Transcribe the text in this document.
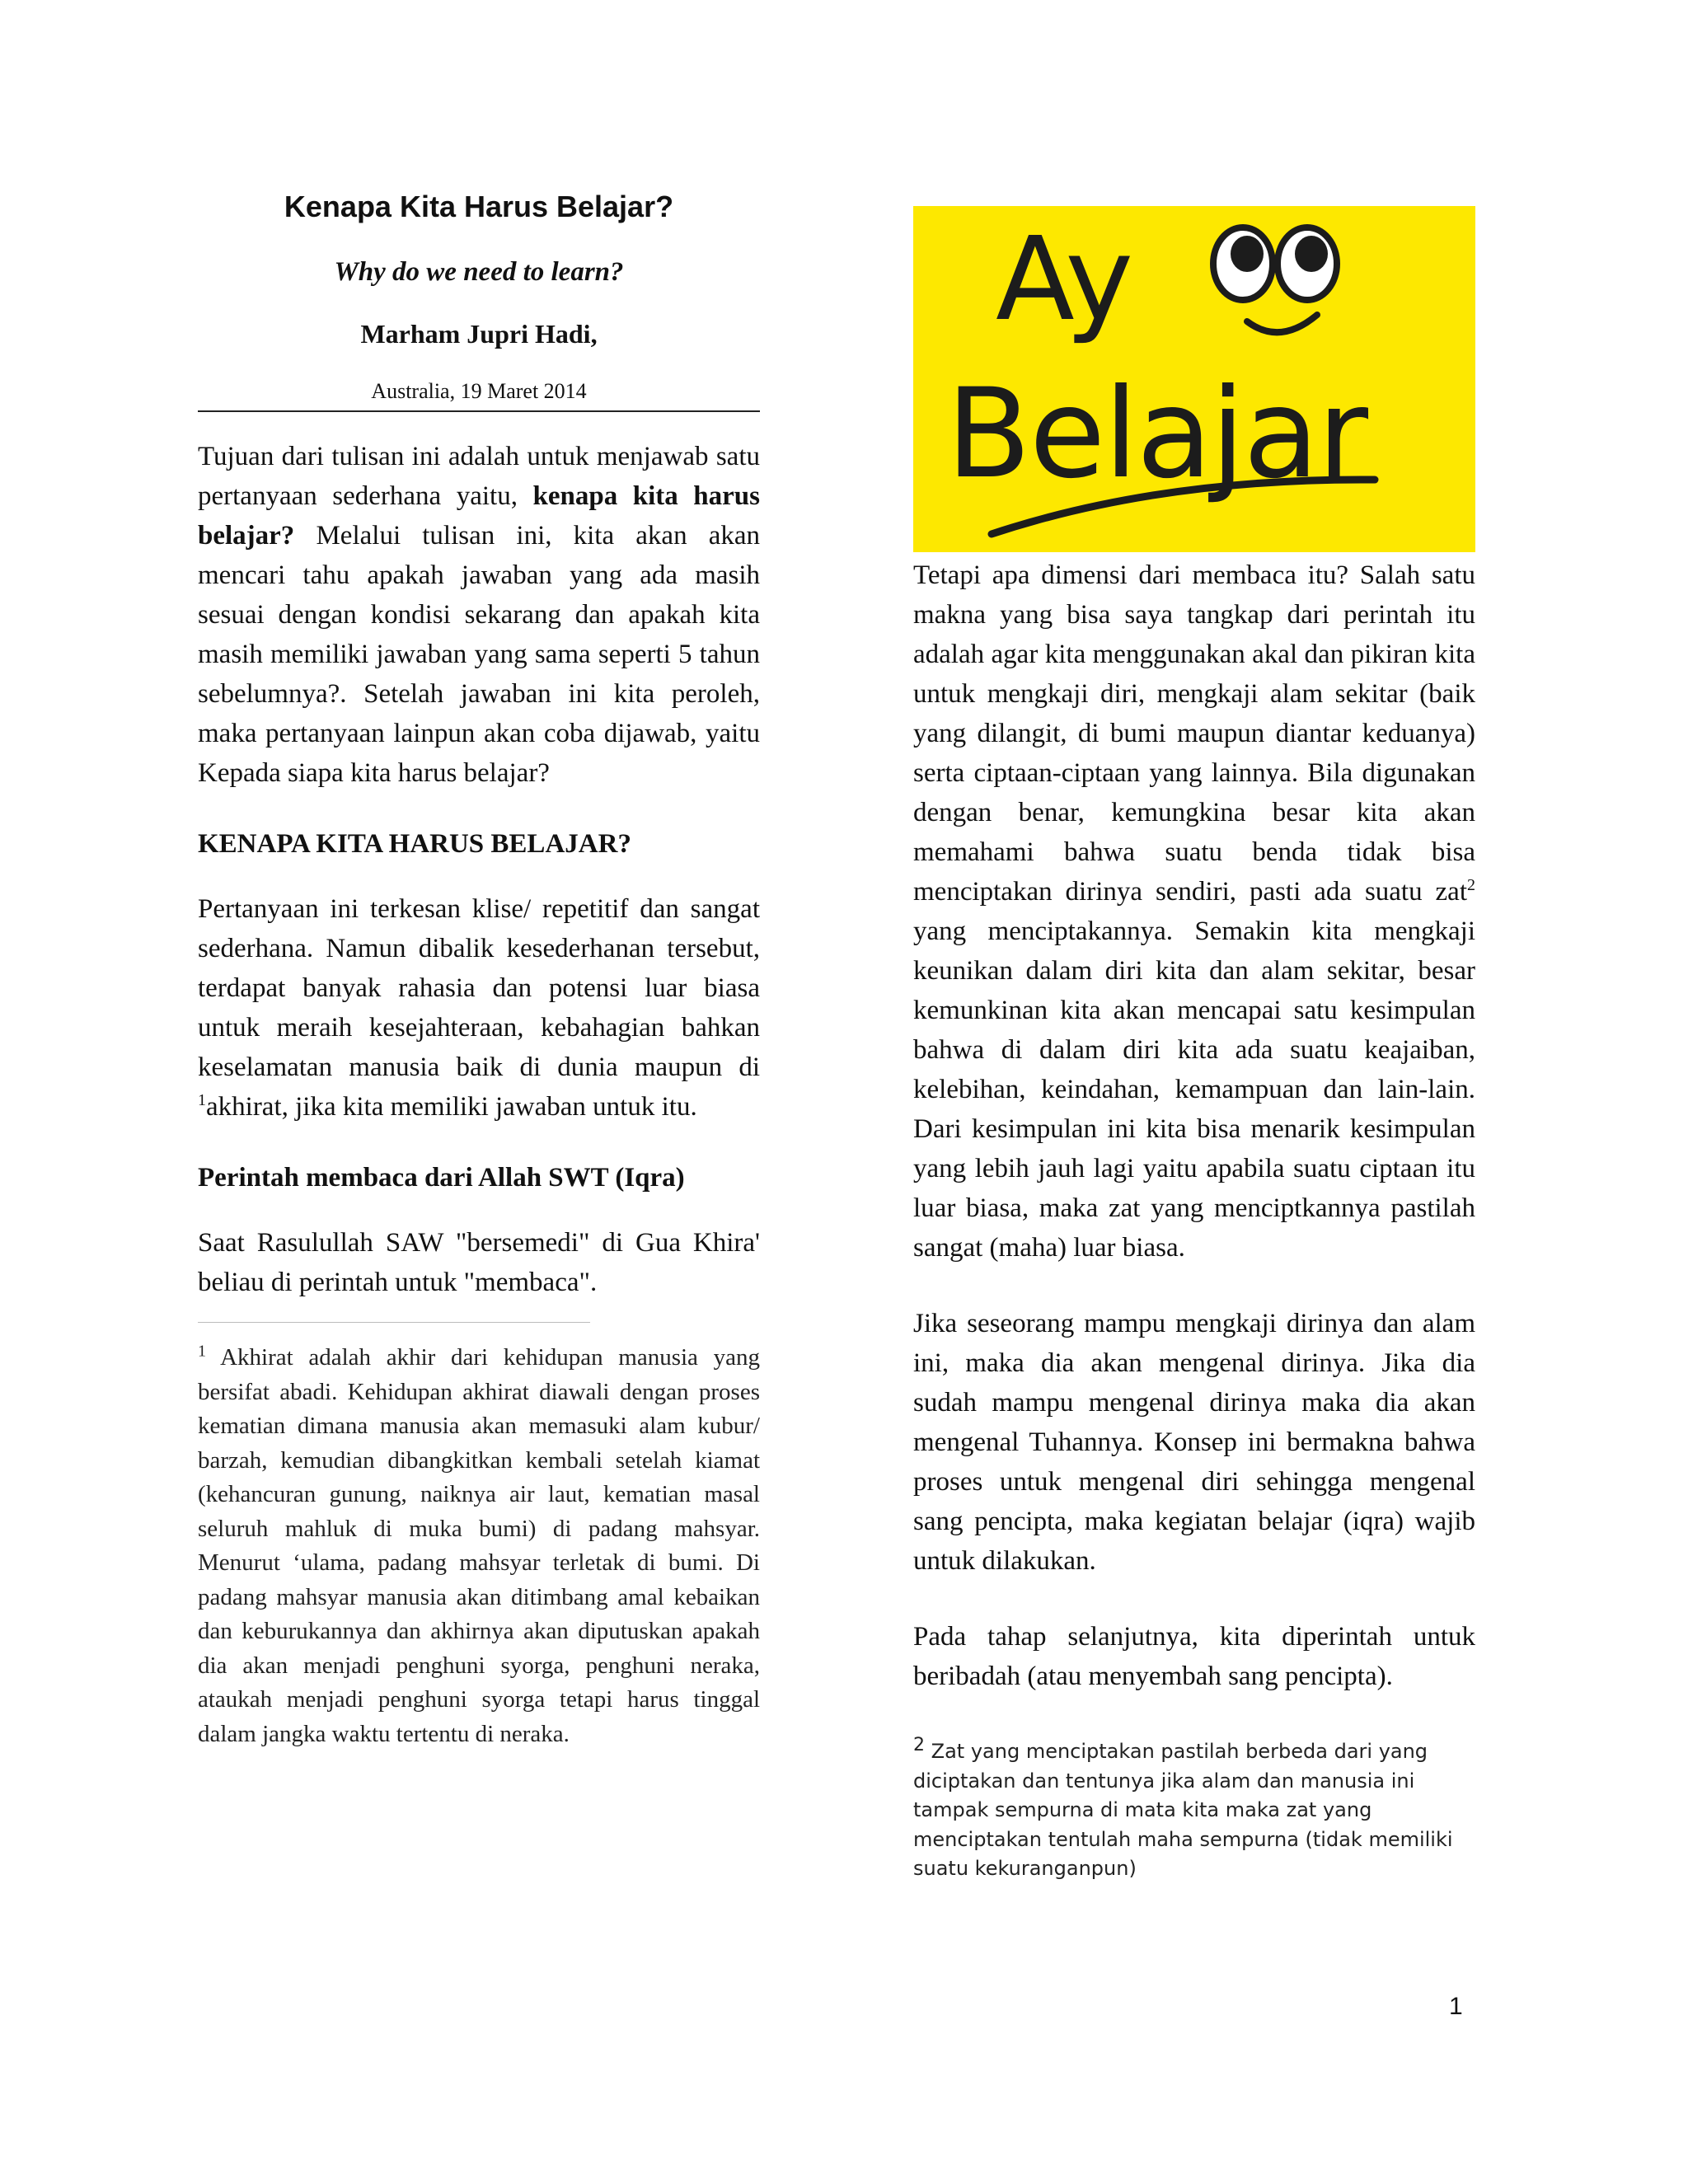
Kenapa Kita Harus Belajar?
Why do we need to learn?
Marham Jupri Hadi,
Australia, 19 Maret 2014

Tujuan dari tulisan ini adalah untuk menjawab satu pertanyaan sederhana yaitu, kenapa kita harus belajar? Melalui tulisan ini, kita akan akan mencari tahu apakah jawaban yang ada masih sesuai dengan kondisi sekarang dan apakah kita masih memiliki jawaban yang sama seperti 5 tahun sebelumnya?. Setelah jawaban ini kita peroleh, maka pertanyaan lainpun akan coba dijawab, yaitu Kepada siapa kita harus belajar?

KENAPA KITA HARUS BELAJAR?

Pertanyaan ini terkesan klise/ repetitif dan sangat sederhana. Namun dibalik kesederhanan tersebut, terdapat banyak rahasia dan potensi luar biasa untuk meraih kesejahteraan, kebahagian bahkan keselamatan manusia baik di dunia maupun di $^1$akhirat, jika kita memiliki jawaban untuk itu.

Perintah membaca dari Allah SWT (Iqra)

Saat Rasulullah SAW "bersemedi" di Gua Khira' beliau di perintah untuk "membaca".

$^1$ Akhirat adalah akhir dari kehidupan manusia yang bersifat abadi. Kehidupan akhirat diawali dengan proses kematian dimana manusia akan memasuki alam kubur/ barzah, kemudian dibangkitkan kembali setelah kiamat (kehancuran gunung, naiknya air laut, kematian masal seluruh mahluk di muka bumi) di padang mahsyar. Menurut ‘ulama, padang mahsyar terletak di bumi. Di padang mahsyar manusia akan ditimbang amal kebaikan dan keburukannya dan akhirnya akan diputuskan apakah dia akan menjadi penghuni syorga, penghuni neraka, ataukah menjadi penghuni syorga tetapi harus tinggal dalam jangka waktu tertentu di neraka.

Ay
Belajar

Tetapi apa dimensi dari membaca itu? Salah satu makna yang bisa saya tangkap dari perintah itu adalah agar kita menggunakan akal dan pikiran kita untuk mengkaji diri, mengkaji alam sekitar (baik yang dilangit, di bumi maupun diantar keduanya) serta ciptaan-ciptaan yang lainnya. Bila digunakan dengan benar, kemungkina besar kita akan memahami bahwa suatu benda tidak bisa menciptakan dirinya sendiri, pasti ada suatu zat$^2$ yang menciptakannya. Semakin kita mengkaji keunikan dalam diri kita dan alam sekitar, besar kemunkinan kita akan mencapai satu kesimpulan bahwa di dalam diri kita ada suatu keajaiban, kelebihan, keindahan, kemampuan dan lain-lain. Dari kesimpulan ini kita bisa menarik kesimpulan yang lebih jauh lagi yaitu apabila suatu ciptaan itu luar biasa, maka zat yang menciptkannya pastilah sangat (maha) luar biasa.

Jika seseorang mampu mengkaji dirinya dan alam ini, maka dia akan mengenal dirinya. Jika dia sudah mampu mengenal dirinya maka dia akan mengenal Tuhannya. Konsep ini bermakna bahwa proses untuk mengenal diri sehingga mengenal sang pencipta, maka kegiatan belajar (iqra) wajib untuk dilakukan.

Pada tahap selanjutnya, kita diperintah untuk beribadah (atau menyembah sang pencipta).

$^2$ Zat yang menciptakan pastilah berbeda dari yang diciptakan dan tentunya jika alam dan manusia ini tampak sempurna di mata kita maka zat yang menciptakan tentulah maha sempurna (tidak memiliki suatu kekuranganpun)

1
